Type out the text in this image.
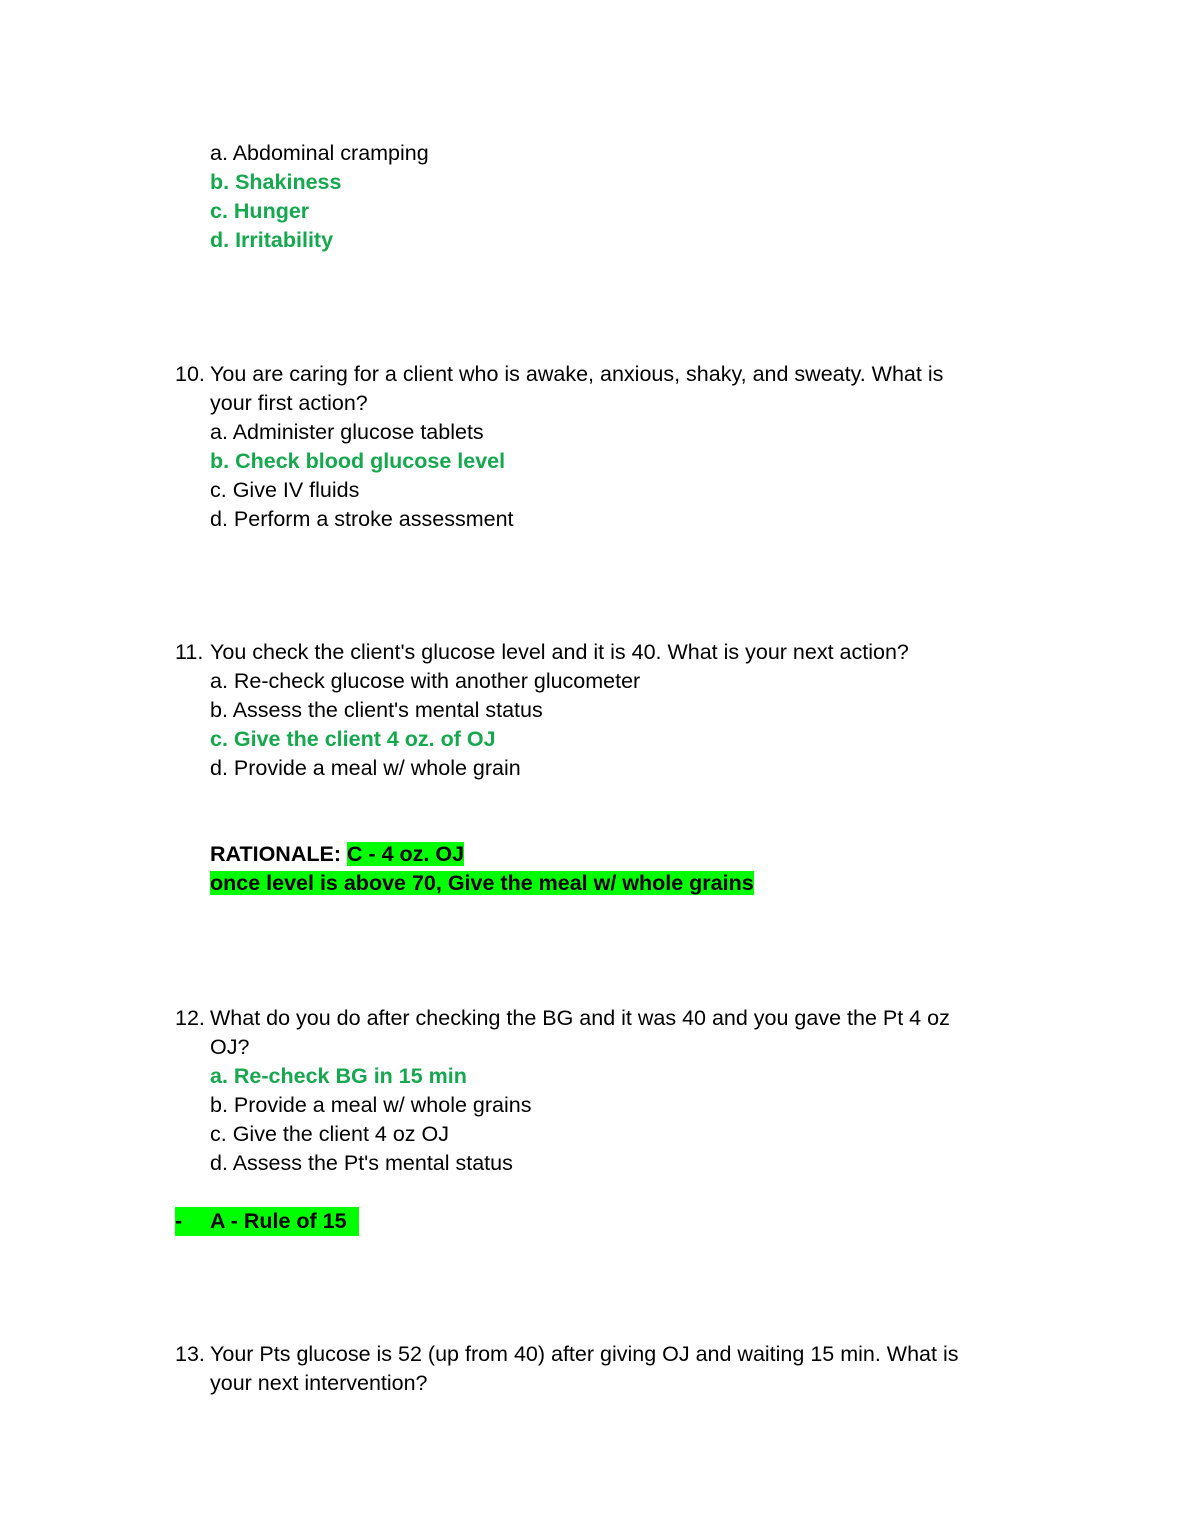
a. Abdominal cramping
b. Shakiness
c. Hunger
d. Irritability
10. You are caring for a client who is awake, anxious, shaky, and sweaty. What is
your first action?
a. Administer glucose tablets
b. Check blood glucose level
c. Give IV fluids
d. Perform a stroke assessment
11. You check the client's glucose level and it is 40. What is your next action?
a. Re-check glucose with another glucometer
b. Assess the client's mental status
c. Give the client 4 oz. of OJ
d. Provide a meal w/ whole grain
RATIONALE: C - 4 oz. OJ
once level is above 70, Give the meal w/ whole grains
12. What do you do after checking the BG and it was 40 and you gave the Pt 4 oz
OJ?
a. Re-check BG in 15 min
b. Provide a meal w/ whole grains
c. Give the client 4 oz OJ
d. Assess the Pt's mental status
- A - Rule of 15
13. Your Pts glucose is 52 (up from 40) after giving OJ and waiting 15 min. What is
your next intervention?
